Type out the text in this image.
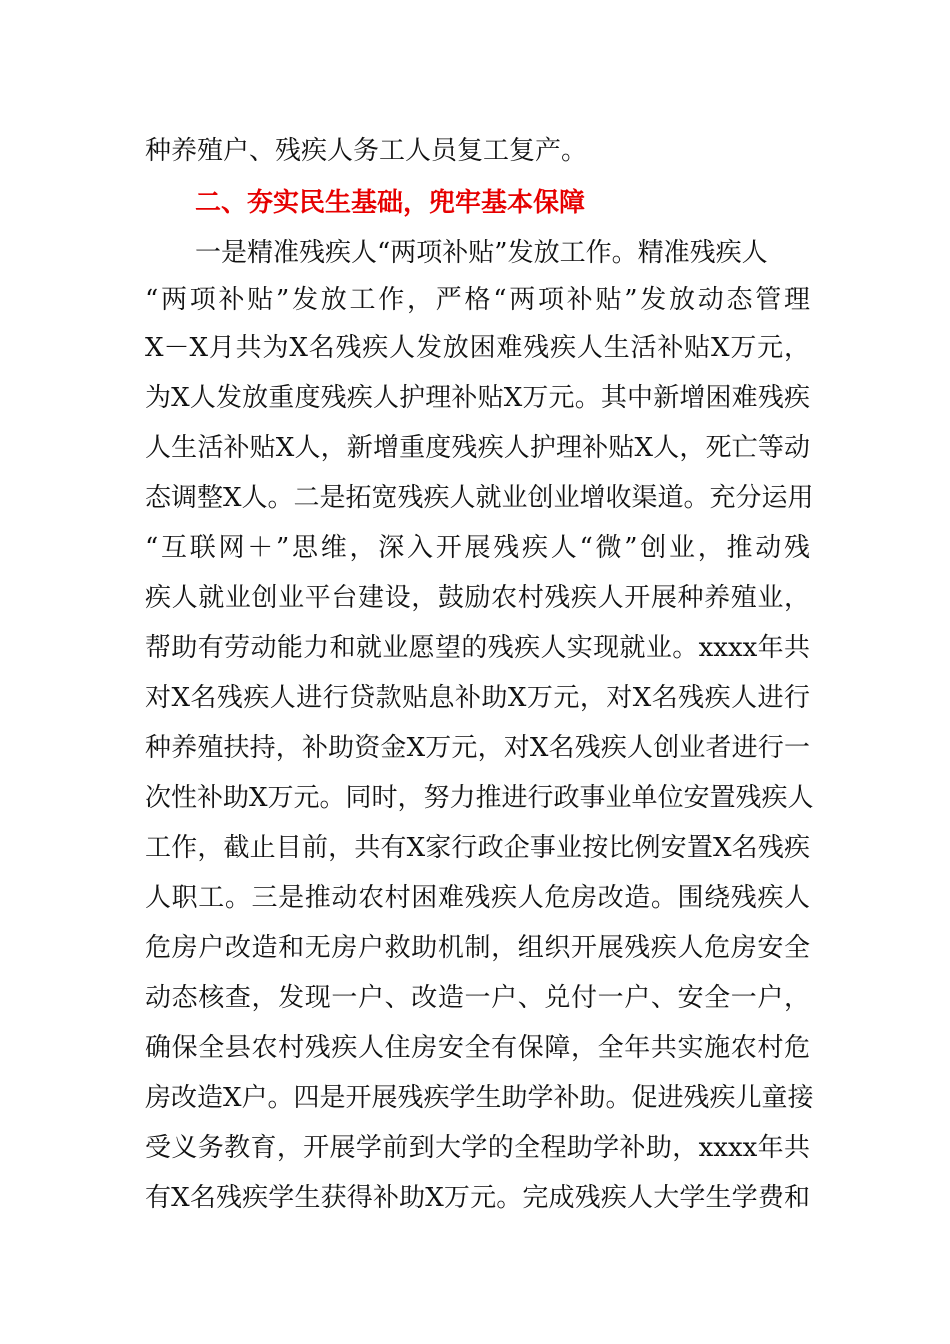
种养殖户、残疾人务工人员复工复产。
二、夯实民生基础，兜牢基本保障
一是精准残疾人“两项补贴”发放工作。精准残疾人
“两项补贴”发放工作，严格“两项补贴”发放动态管理
X－X月共为X名残疾人发放困难残疾人生活补贴X万元，
为X人发放重度残疾人护理补贴X万元。其中新增困难残疾
人生活补贴X人，新增重度残疾人护理补贴X人，死亡等动
态调整X人。二是拓宽残疾人就业创业增收渠道。充分运用
“互联网＋”思维，深入开展残疾人“微”创业，推动残
疾人就业创业平台建设，鼓励农村残疾人开展种养殖业，
帮助有劳动能力和就业愿望的残疾人实现就业。xxxx年共
对X名残疾人进行贷款贴息补助X万元，对X名残疾人进行
种养殖扶持，补助资金X万元，对X名残疾人创业者进行一
次性补助X万元。同时，努力推进行政事业单位安置残疾人
工作，截止目前，共有X家行政企事业按比例安置X名残疾
人职工。三是推动农村困难残疾人危房改造。围绕残疾人
危房户改造和无房户救助机制，组织开展残疾人危房安全
动态核查，发现一户、改造一户、兑付一户、安全一户，
确保全县农村残疾人住房安全有保障，全年共实施农村危
房改造X户。四是开展残疾学生助学补助。促进残疾儿童接
受义务教育，开展学前到大学的全程助学补助，xxxx年共
有X名残疾学生获得补助X万元。完成残疾人大学生学费和
